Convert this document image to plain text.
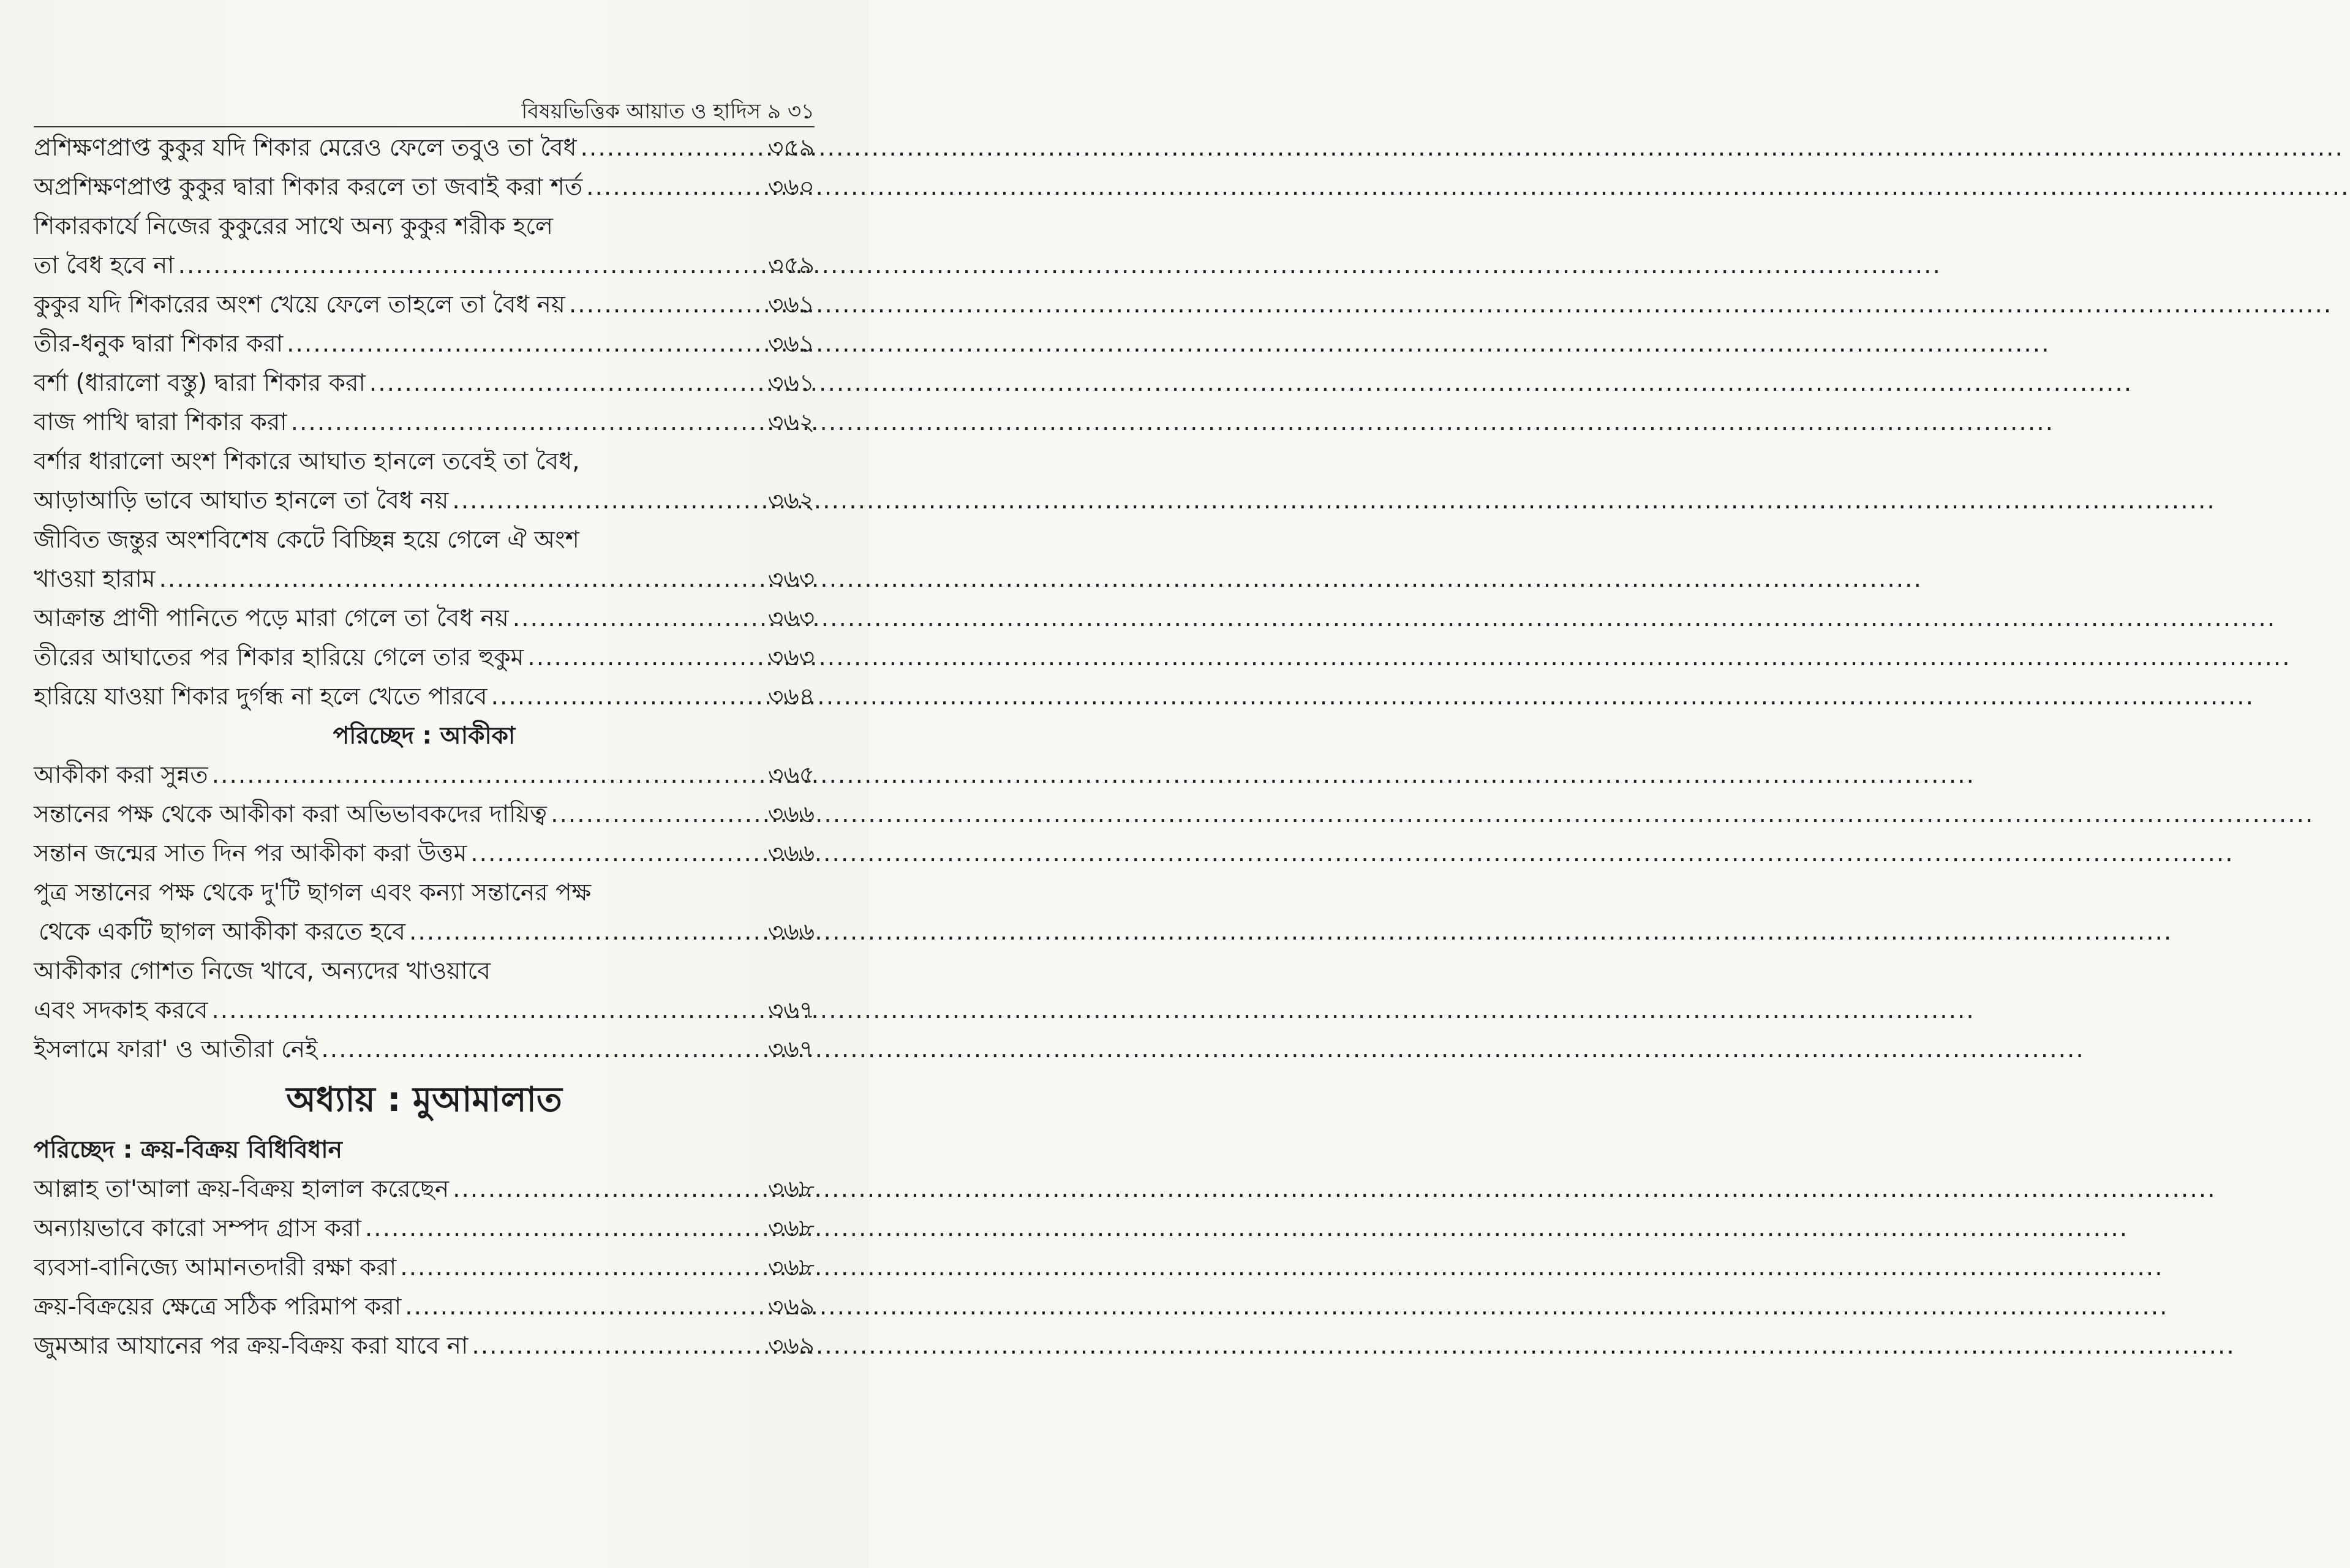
বিষয়ভিত্তিক আয়াত ও হাদিস ৯ ৩১
প্রশিক্ষণপ্রাপ্ত কুকুর যদি শিকার মেরেও ফেলে তবুও তা বৈধ .....	৩৫৯
অপ্রশিক্ষণপ্রাপ্ত কুকুর দ্বারা শিকার করলে তা জবাই করা শর্ত .....	৩৬০
শিকারকার্যে নিজের কুকুরের সাথে অন্য কুকুর শরীক হলে
তা বৈধ হবে না .....	৩৫৯
কুকুর যদি শিকারের অংশ খেয়ে ফেলে তাহলে তা বৈধ নয় .....	৩৬১
তীর-ধনুক দ্বারা শিকার করা .....	৩৬১
বর্শা (ধারালো বস্তু) দ্বারা শিকার করা .....	৩৬১
বাজ পাখি দ্বারা শিকার করা .....	৩৬২
বর্শার ধারালো অংশ শিকারে আঘাত হানলে তবেই তা বৈধ,
আড়াআড়ি ভাবে আঘাত হানলে তা বৈধ নয় .....	৩৬২
জীবিত জন্তুর অংশবিশেষ কেটে বিচ্ছিন্ন হয়ে গেলে ঐ অংশ
খাওয়া হারাম .....	৩৬৩
আক্রান্ত প্রাণী পানিতে পড়ে মারা গেলে তা বৈধ নয় .....	৩৬৩
তীরের আঘাতের পর শিকার হারিয়ে গেলে তার হুকুম .....	৩৬৩
হারিয়ে যাওয়া শিকার দুর্গন্ধ না হলে খেতে পারবে .....	৩৬৪
পরিচ্ছেদ : আকীকা
আকীকা করা সুন্নত .....	৩৬৫
সন্তানের পক্ষ থেকে আকীকা করা অভিভাবকদের দায়িত্ব .....	৩৬৬
সন্তান জন্মের সাত দিন পর আকীকা করা উত্তম .....	৩৬৬
পুত্র সন্তানের পক্ষ থেকে দু'টি ছাগল এবং কন্যা সন্তানের পক্ষ
থেকে একটি ছাগল আকীকা করতে হবে .....	৩৬৬
আকীকার গোশত নিজে খাবে, অন্যদের খাওয়াবে
এবং সদকাহ করবে .....	৩৬৭
ইসলামে ফারা' ও আতীরা নেই .....	৩৬৭
অধ্যায় : মুআমালাত
পরিচ্ছেদ : ক্রয়-বিক্রয় বিধিবিধান
আল্লাহ তা'আলা ক্রয়-বিক্রয় হালাল করেছেন .....	৩৬৮
অন্যায়ভাবে কারো সম্পদ গ্রাস করা .....	৩৬৮
ব্যবসা-বানিজ্যে আমানতদারী রক্ষা করা .....	৩৬৮
ক্রয়-বিক্রয়ের ক্ষেত্রে সঠিক পরিমাপ করা .....	৩৬৯
জুমআর আযানের পর ক্রয়-বিক্রয় করা যাবে না .....	৩৬৯
